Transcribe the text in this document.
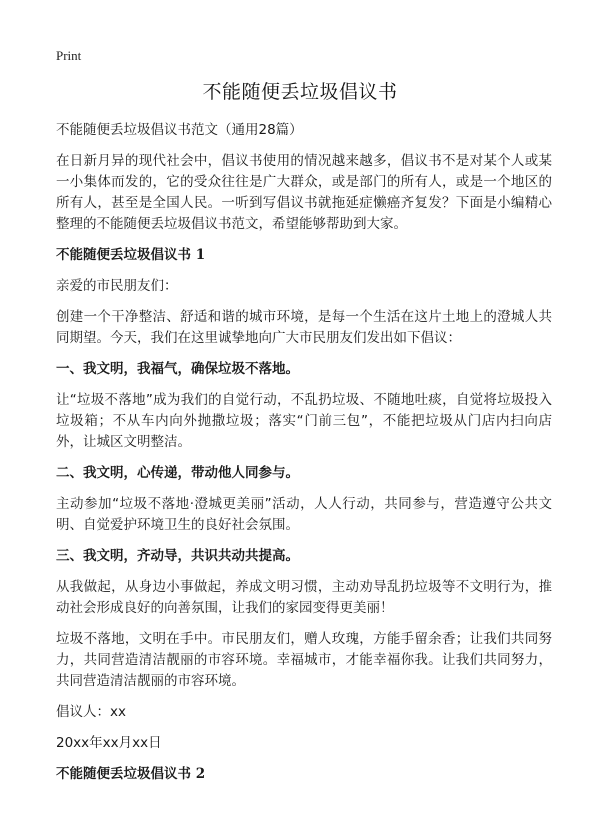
Print
不能随便丢垃圾倡议书

不能随便丢垃圾倡议书范文（通用28篇）

在日新月异的现代社会中，倡议书使用的情况越来越多，倡议书不是对某个人或某一小集体而发的，它的受众往往是广大群众，或是部门的所有人，或是一个地区的所有人，甚至是全国人民。一听到写倡议书就拖延症懒癌齐复发？下面是小编精心整理的不能随便丢垃圾倡议书范文，希望能够帮助到大家。

不能随便丢垃圾倡议书 1

亲爱的市民朋友们：

创建一个干净整洁、舒适和谐的城市环境，是每一个生活在这片土地上的澄城人共同期望。今天，我们在这里诚挚地向广大市民朋友们发出如下倡议：

一、我文明，我福气，确保垃圾不落地。

让“垃圾不落地”成为我们的自觉行动，不乱扔垃圾、不随地吐痰，自觉将垃圾投入垃圾箱；不从车内向外抛撒垃圾；落实“门前三包”，不能把垃圾从门店内扫向店外，让城区文明整洁。

二、我文明，心传递，带动他人同参与。

主动参加“垃圾不落地·澄城更美丽”活动，人人行动，共同参与，营造遵守公共文明、自觉爱护环境卫生的良好社会氛围。

三、我文明，齐动导，共识共动共提高。

从我做起，从身边小事做起，养成文明习惯，主动劝导乱扔垃圾等不文明行为，推动社会形成良好的向善氛围，让我们的家园变得更美丽！

垃圾不落地，文明在手中。市民朋友们，赠人玫瑰，方能手留余香；让我们共同努力，共同营造清洁靓丽的市容环境。幸福城市，才能幸福你我。让我们共同努力，共同营造清洁靓丽的市容环境。

倡议人：xx

20xx年xx月xx日

不能随便丢垃圾倡议书 2
